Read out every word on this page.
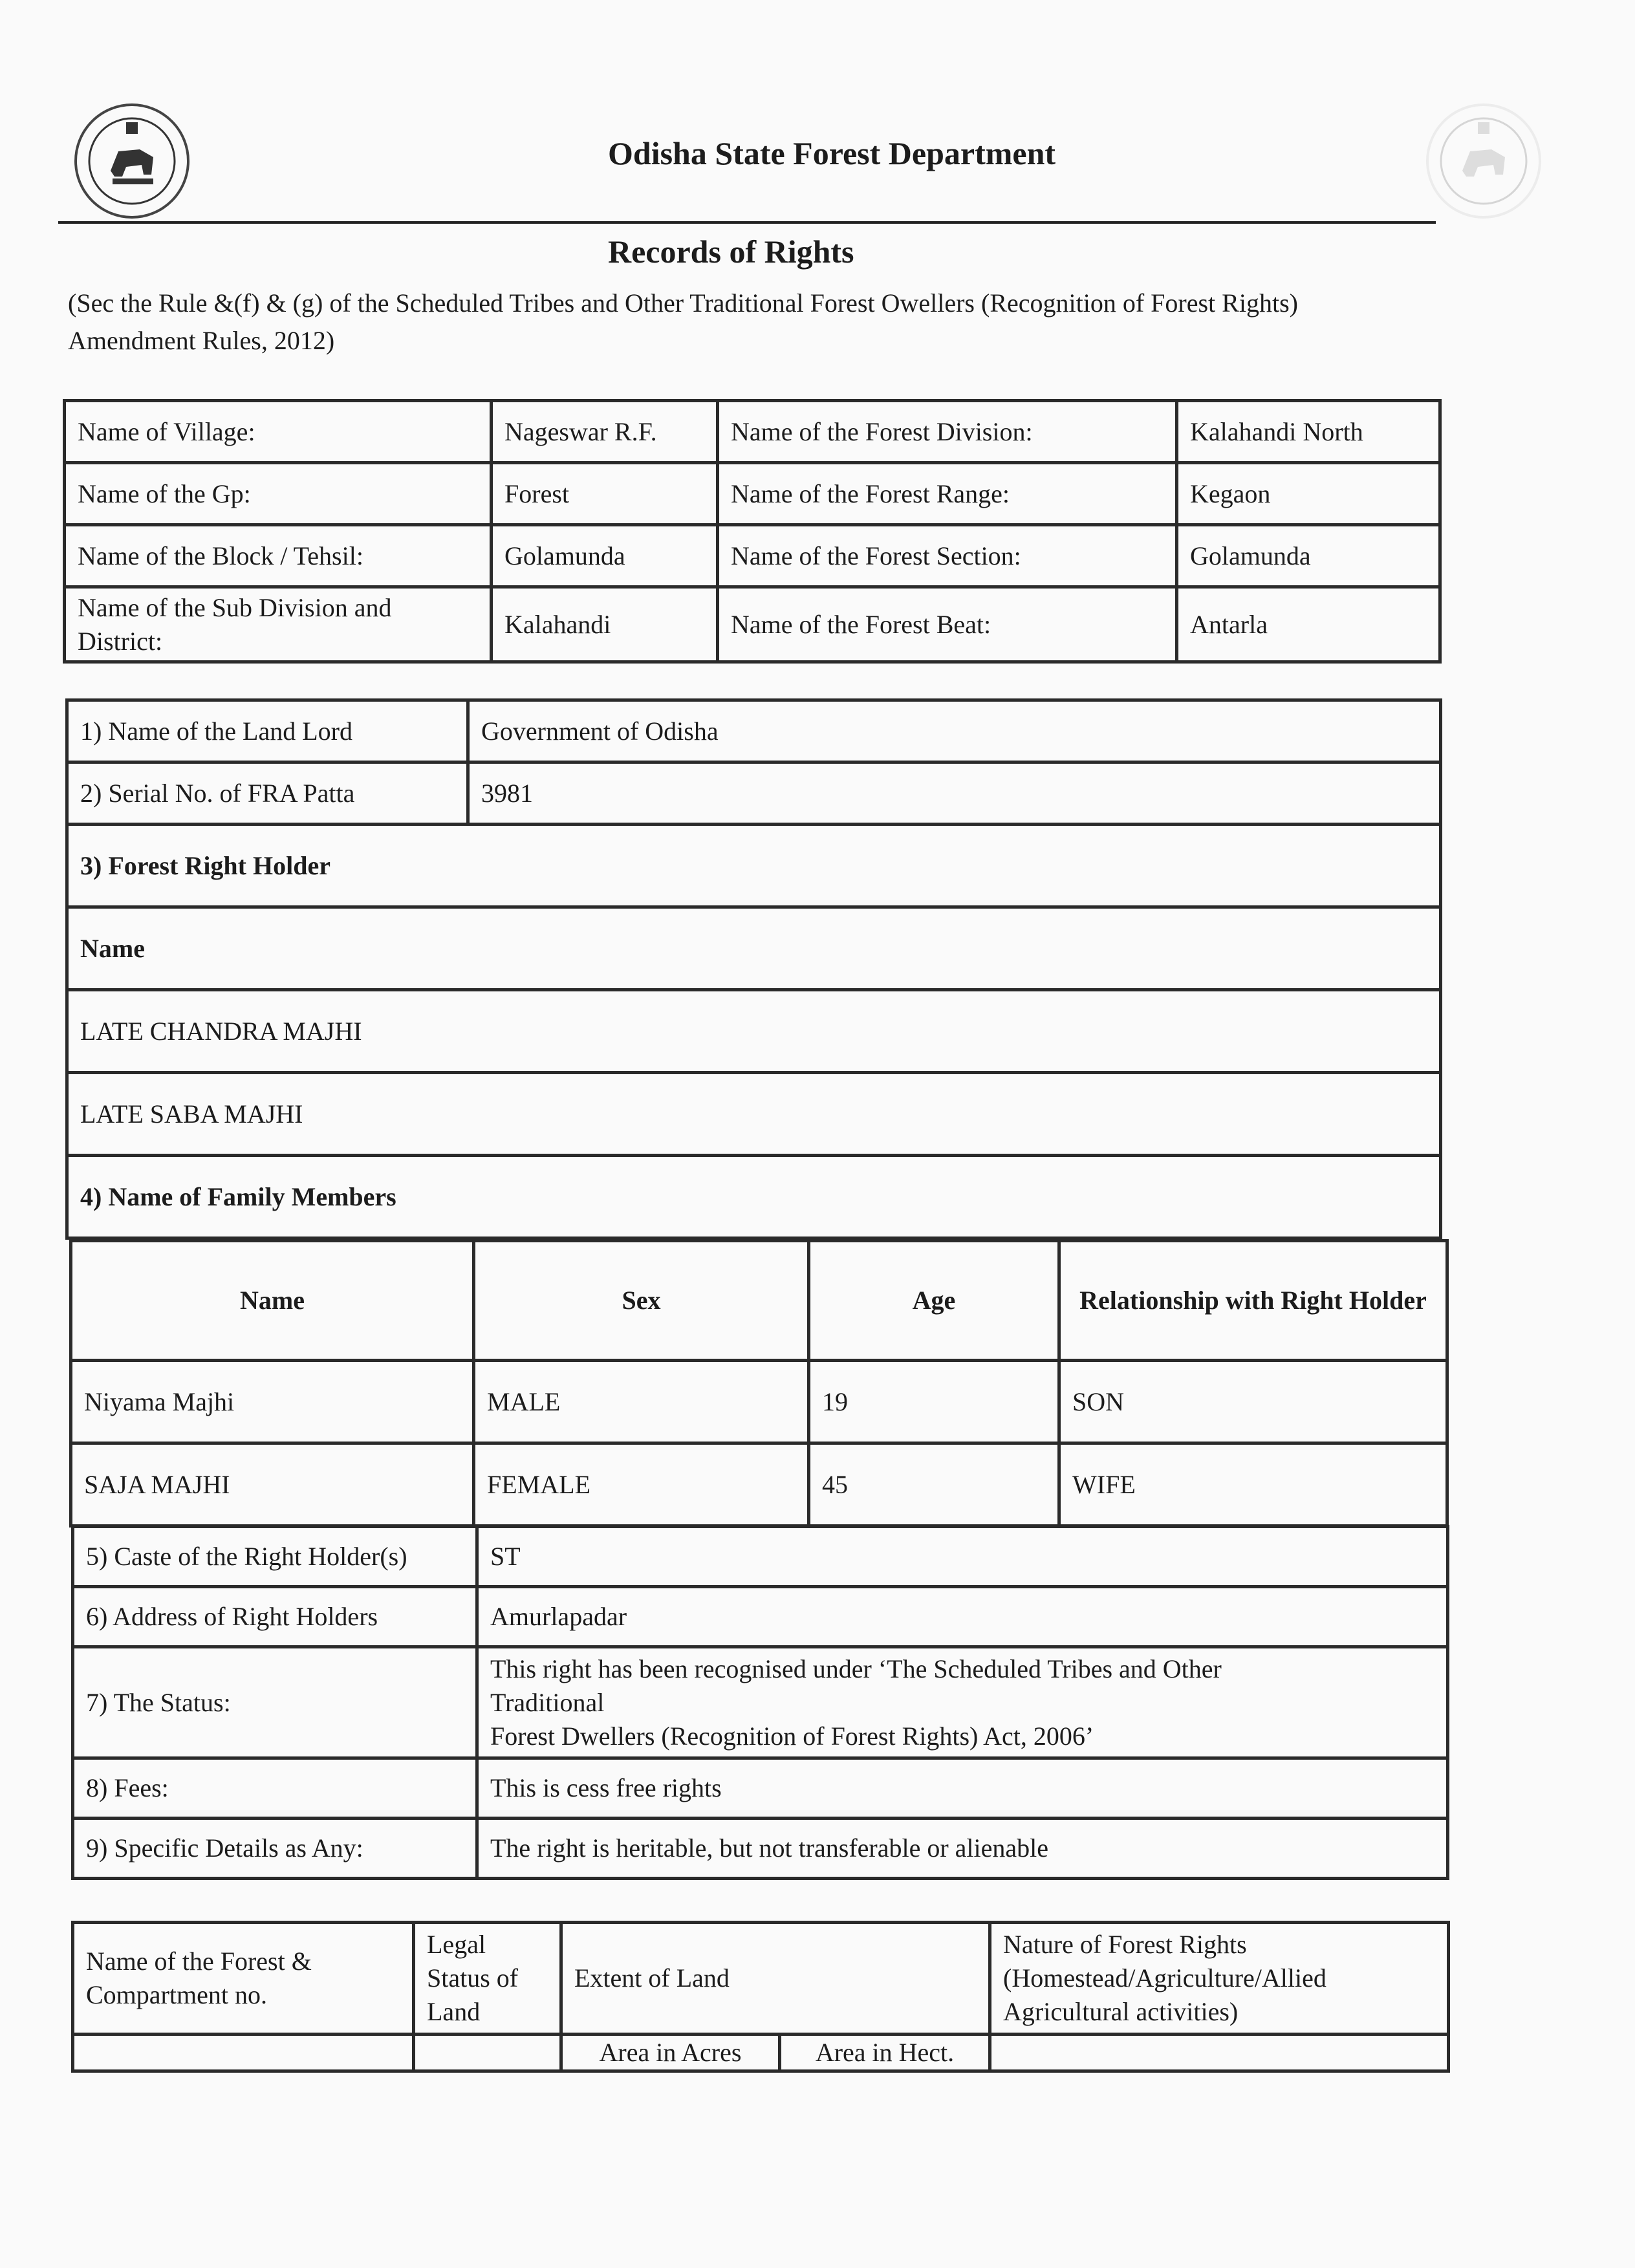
Odisha State Forest Department
Records of Rights
(Sec the Rule &(f) & (g) of the Scheduled Tribes and Other Traditional Forest Owellers (Recognition of Forest Rights) Amendment Rules, 2012)
Name of Village:	Nageswar R.F.	Name of the Forest Division:	Kalahandi North
Name of the Gp:	Forest	Name of the Forest Range:	Kegaon
Name of the Block / Tehsil:	Golamunda	Name of the Forest Section:	Golamunda
Name of the Sub Division and District:	Kalahandi	Name of the Forest Beat:	Antarla
1) Name of the Land Lord	Government of Odisha
2) Serial No. of FRA Patta	3981
3) Forest Right Holder	
Name	
LATE CHANDRA MAJHI	
LATE SABA MAJHI	
4) Name of Family Members	
Name	Sex	Age	Relationship with Right Holder
Niyama Majhi	MALE	19	SON
SAJA MAJHI	FEMALE	45	WIFE
5) Caste of the Right Holder(s)	ST
6) Address of Right Holders	Amurlapadar
7) The Status:	This right has been recognised under ‘The Scheduled Tribes and Other
Traditional
Forest Dwellers (Recognition of Forest Rights) Act, 2006’

8) Fees:	This is cess free rights
9) Specific Details as Any:	The right is heritable, but not transferable or alienable
Name of the Forest & Compartment no.	Legal Status of Land	Extent of Land		Nature of Forest Rights (Homestead/Agriculture/Allied Agricultural activities)
		Area in Acres	Area in Hect.	
